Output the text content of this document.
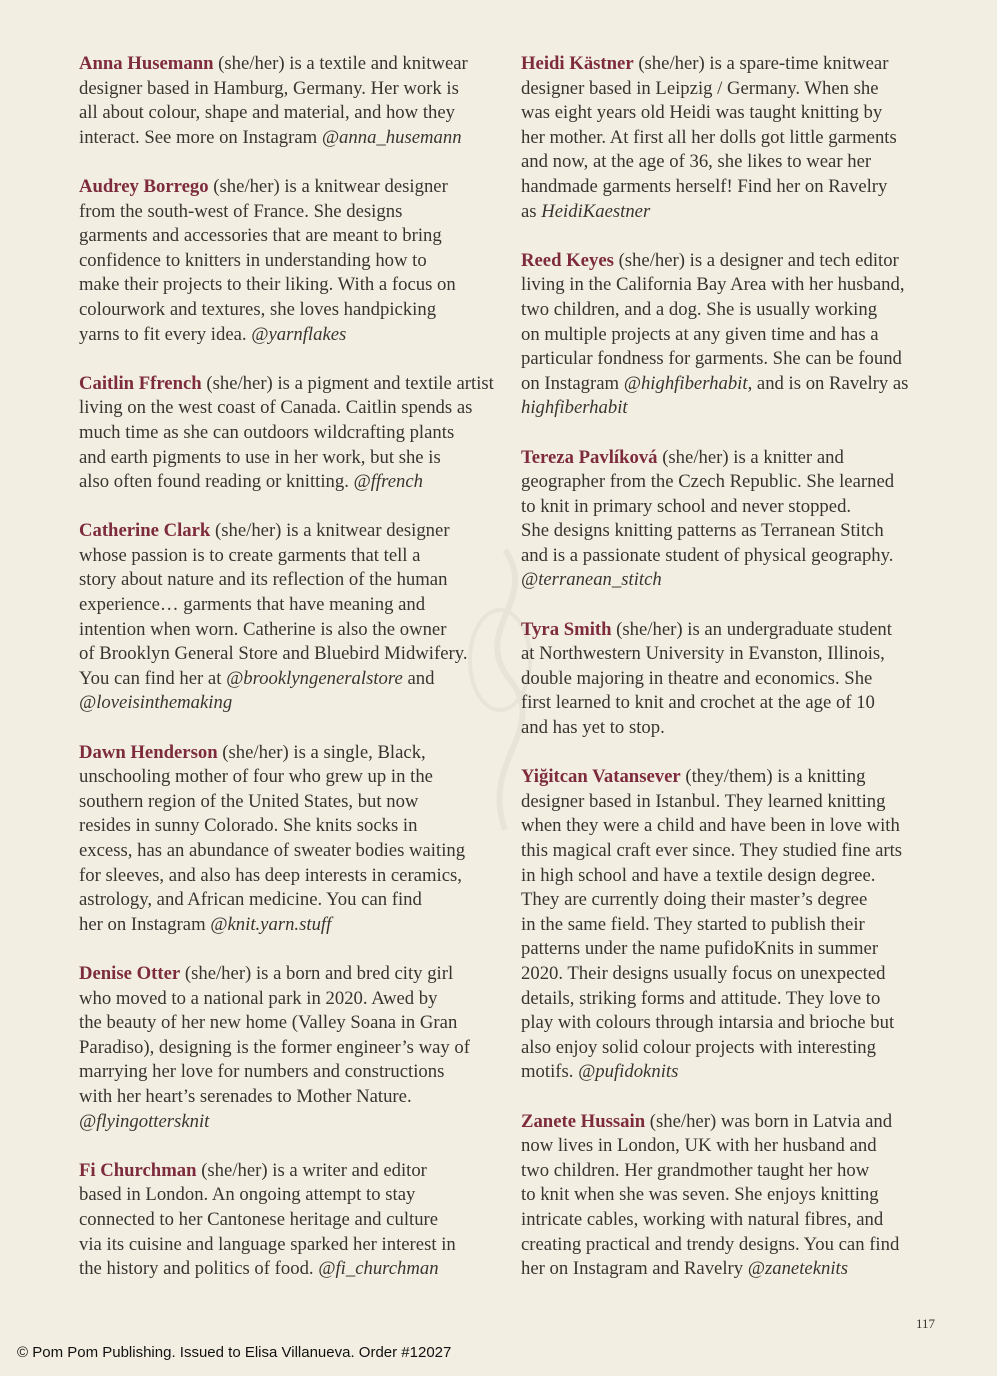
Anna Husemann (she/her) is a textile and knitwear
designer based in Hamburg, Germany. Her work is
all about colour, shape and material, and how they
interact. See more on Instagram @anna_husemann

Audrey Borrego (she/her) is a knitwear designer
from the south-west of France. She designs
garments and accessories that are meant to bring
confidence to knitters in understanding how to
make their projects to their liking. With a focus on
colourwork and textures, she loves handpicking
yarns to fit every idea. @yarnflakes

Caitlin Ffrench (she/her) is a pigment and textile artist
living on the west coast of Canada. Caitlin spends as
much time as she can outdoors wildcrafting plants
and earth pigments to use in her work, but she is
also often found reading or knitting. @ffrench

Catherine Clark (she/her) is a knitwear designer
whose passion is to create garments that tell a
story about nature and its reflection of the human
experience… garments that have meaning and
intention when worn. Catherine is also the owner
of Brooklyn General Store and Bluebird Midwifery.
You can find her at @brooklyngeneralstore and
@loveisinthemaking

Dawn Henderson (she/her) is a single, Black,
unschooling mother of four who grew up in the
southern region of the United States, but now
resides in sunny Colorado. She knits socks in
excess, has an abundance of sweater bodies waiting
for sleeves, and also has deep interests in ceramics,
astrology, and African medicine. You can find
her on Instagram @knit.yarn.stuff

Denise Otter (she/her) is a born and bred city girl
who moved to a national park in 2020. Awed by
the beauty of her new home (Valley Soana in Gran
Paradiso), designing is the former engineer’s way of
marrying her love for numbers and constructions
with her heart’s serenades to Mother Nature.
@flyingottersknit

Fi Churchman (she/her) is a writer and editor
based in London. An ongoing attempt to stay
connected to her Cantonese heritage and culture
via its cuisine and language sparked her interest in
the history and politics of food. @fi_churchman

Heidi Kästner (she/her) is a spare-time knitwear
designer based in Leipzig / Germany. When she
was eight years old Heidi was taught knitting by
her mother. At first all her dolls got little garments
and now, at the age of 36, she likes to wear her
handmade garments herself! Find her on Ravelry
as HeidiKaestner

Reed Keyes (she/her) is a designer and tech editor
living in the California Bay Area with her husband,
two children, and a dog. She is usually working
on multiple projects at any given time and has a
particular fondness for garments. She can be found
on Instagram @highfiberhabit, and is on Ravelry as
highfiberhabit

Tereza Pavlíková (she/her) is a knitter and
geographer from the Czech Republic. She learned
to knit in primary school and never stopped.
She designs knitting patterns as Terranean Stitch
and is a passionate student of physical geography.
@terranean_stitch

Tyra Smith (she/her) is an undergraduate student
at Northwestern University in Evanston, Illinois,
double majoring in theatre and economics. She
first learned to knit and crochet at the age of 10
and has yet to stop.

Yiğitcan Vatansever (they/them) is a knitting
designer based in Istanbul. They learned knitting
when they were a child and have been in love with
this magical craft ever since. They studied fine arts
in high school and have a textile design degree.
They are currently doing their master’s degree
in the same field. They started to publish their
patterns under the name pufidoKnits in summer
2020. Their designs usually focus on unexpected
details, striking forms and attitude. They love to
play with colours through intarsia and brioche but
also enjoy solid colour projects with interesting
motifs. @pufidoknits

Zanete Hussain (she/her) was born in Latvia and
now lives in London, UK with her husband and
two children. Her grandmother taught her how
to knit when she was seven. She enjoys knitting
intricate cables, working with natural fibres, and
creating practical and trendy designs. You can find
her on Instagram and Ravelry @zaneteknits

117
© Pom Pom Publishing. Issued to Elisa Villanueva. Order #12027
